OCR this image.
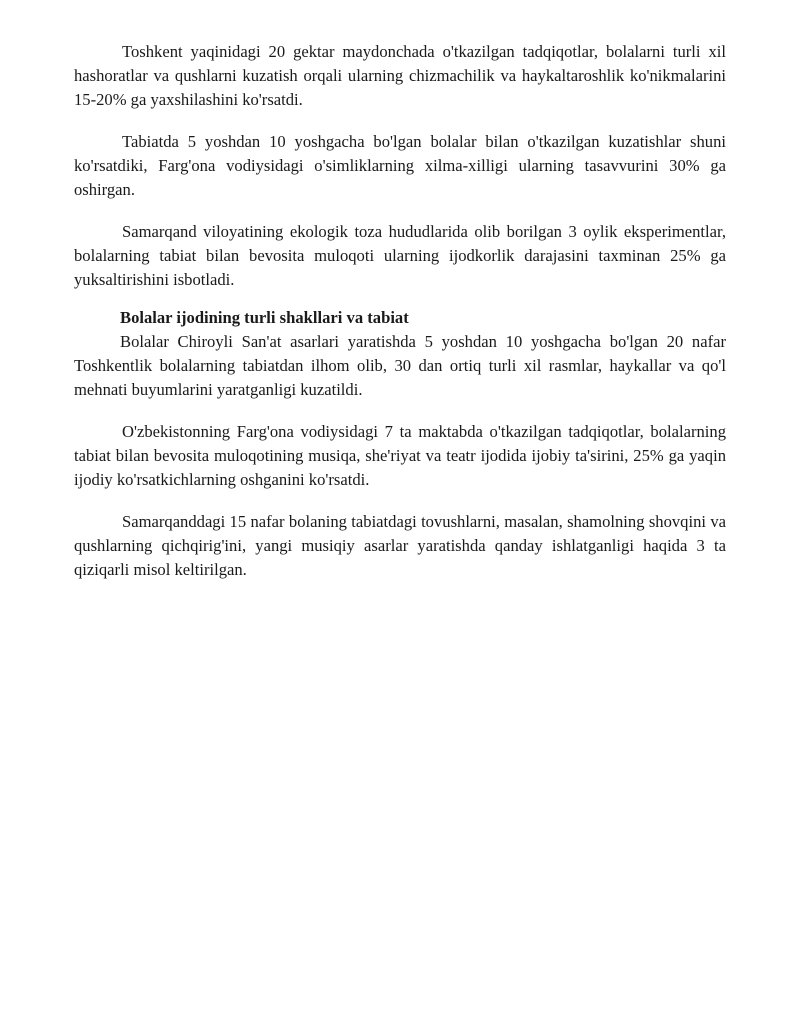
Toshkent yaqinidagi 20 gektar maydonchada o'tkazilgan tadqiqotlar, bolalarni turli xil hashoratlar va qushlarni kuzatish orqali ularning chizmachilik va haykaltaroshlik ko'nikmalarini 15-20% ga yaxshilashini ko'rsatdi.

Tabiatda 5 yoshdan 10 yoshgacha bo'lgan bolalar bilan o'tkazilgan kuzatishlar shuni ko'rsatdiki, Farg'ona vodiysidagi o'simliklarning xilma-xilligi ularning tasavvurini 30% ga oshirgan.

Samarqand viloyatining ekologik toza hududlarida olib borilgan 3 oylik eksperimentlar, bolalarning tabiat bilan bevosita muloqoti ularning ijodkorlik darajasini taxminan 25% ga yuksaltirishini isbotladi.

Bolalar ijodining turli shakllari va tabiat

Bolalar Chiroyli San'at asarlari yaratishda 5 yoshdan 10 yoshgacha bo'lgan 20 nafar Toshkentlik bolalarning tabiatdan ilhom olib, 30 dan ortiq turli xil rasmlar, haykallar va qo'l mehnati buyumlarini yaratganligi kuzatildi.

O'zbekistonning Farg'ona vodiysidagi 7 ta maktabda o'tkazilgan tadqiqotlar, bolalarning tabiat bilan bevosita muloqotining musiqa, she'riyat va teatr ijodida ijobiy ta'sirini, 25% ga yaqin ijodiy ko'rsatkichlarning oshganini ko'rsatdi.

Samarqanddagi 15 nafar bolaning tabiatdagi tovushlarni, masalan, shamolning shovqini va qushlarning qichqirig'ini, yangi musiqiy asarlar yaratishda qanday ishlatganligi haqida 3 ta qiziqarli misol keltirilgan.
